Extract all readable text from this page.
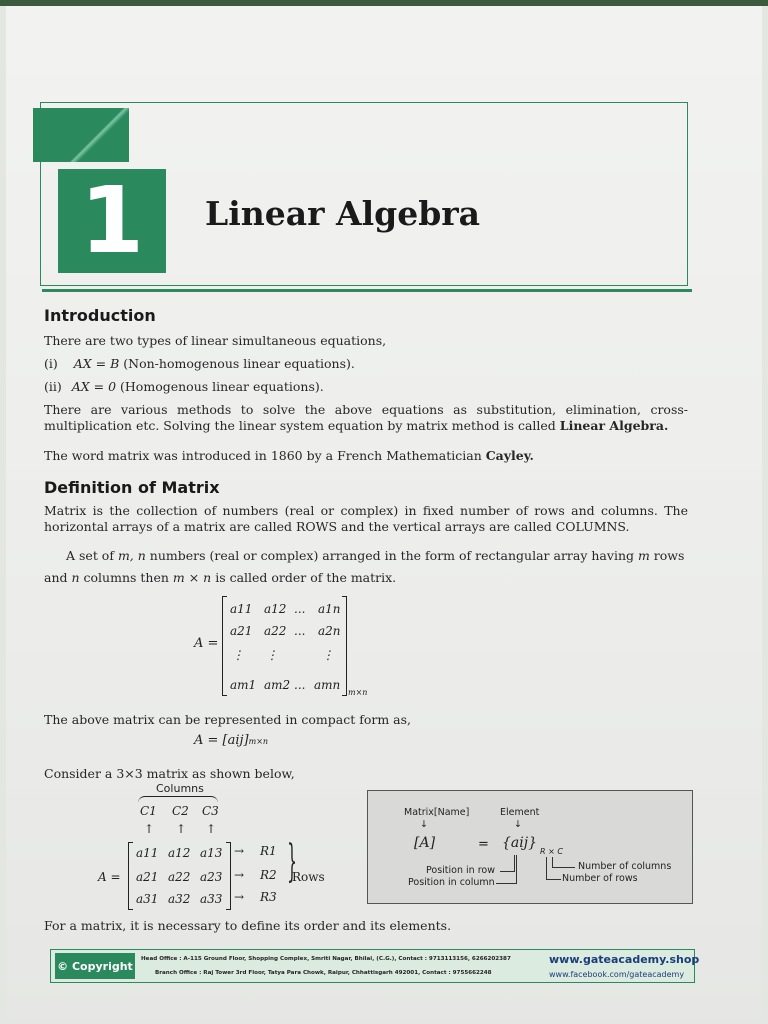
1	Linear Algebra
Introduction
There are two types of linear simultaneous equations,
(i) AX = B (Non-homogenous linear equations).
(ii) AX = 0 (Homogenous linear equations).
There are various methods to solve the above equations as substitution, elimination, cross-multiplication etc. Solving the linear system equation by matrix method is called Linear Algebra.
The word matrix was introduced in 1860 by a French Mathematician Cayley.
Definition of Matrix
Matrix is the collection of numbers (real or complex) in fixed number of rows and columns. The horizontal arrays of a matrix are called ROWS and the vertical arrays are called COLUMNS.
A set of m, n numbers (real or complex) arranged in the form of rectangular array having m rows
and n columns then m × n is called order of the matrix.
A =
a11 a12 ... a1n
a21 a22 ... a2n
⋮ ⋮	⋮
am1 am2 ... amn
m×n
The above matrix can be represented in compact form as,
A = [aij]m×n
Consider a 3×3 matrix as shown below,
Columns
C1 C2 C3
↑ ↑ ↑
A =
a11 a12 a13
a21 a22 a23
a31 a32 a33
→
→
→
R1
R2
R3
}
Rows
Matrix[Name]	Element
↓	↓
[A]	= {aij}
R × C
Position in row
Position in column
Number of columns
Number of rows
For a matrix, it is necessary to define its order and its elements.
© Copyright
Head Office : A-115 Ground Floor, Shopping Complex, Smriti Nagar, Bhilai, (C.G.), Contact : 9713113156, 6266202387
Branch Office : Raj Tower 3rd Floor, Tatya Para Chowk, Raipur, Chhattisgarh 492001, Contact : 9755662248
www.gateacademy.shop
www.facebook.com/gateacademy
